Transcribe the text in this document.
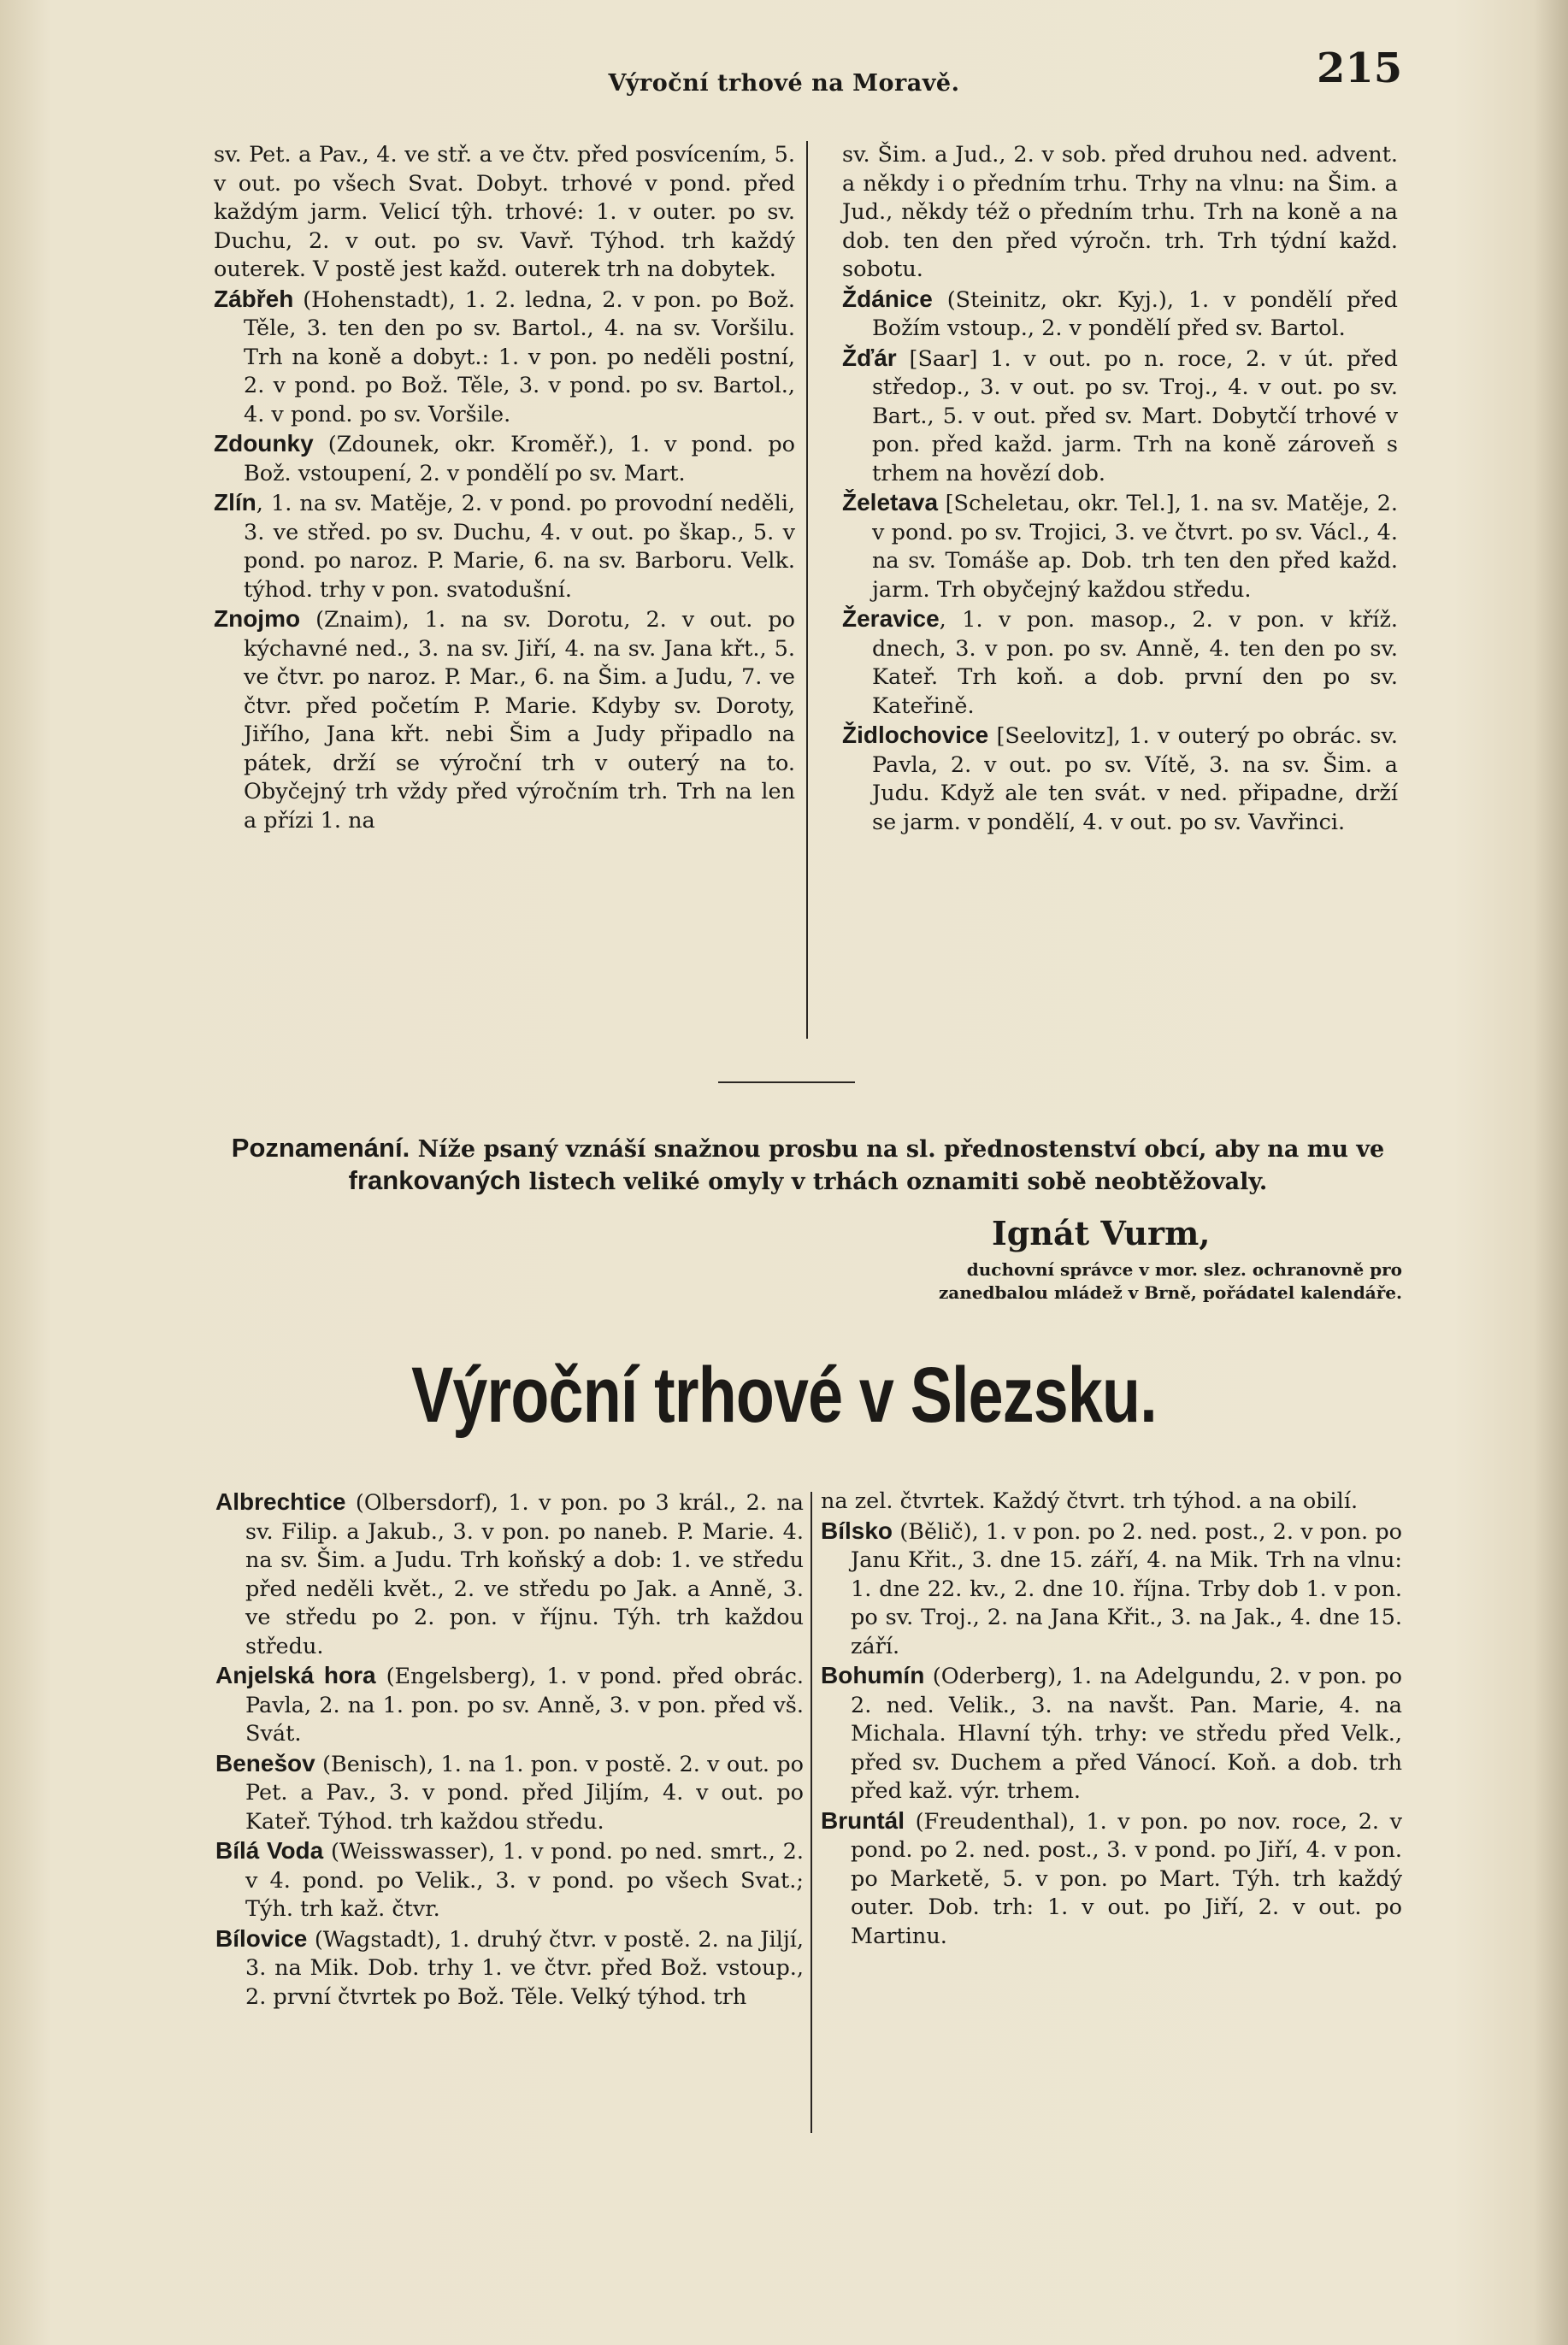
Výroční trhové na Moravě.	215

sv. Pet. a Pav., 4. ve stř. a ve čtv. před posvícením, 5. v out. po všech Svat. Dobyt. trhové v pond. před každým jarm. Velicí tŷh. trhové: 1. v outer. po sv. Duchu, 2. v out. po sv. Vavř. Týhod. trh každý outerek. V postě jest každ. outerek trh na dobytek.

Zábřeh (Hohenstadt), 1. 2. ledna, 2. v pon. po Bož. Těle, 3. ten den po sv. Bartol., 4. na sv. Voršilu. Trh na koně a dobyt.: 1. v pon. po neděli postní, 2. v pond. po Bož. Těle, 3. v pond. po sv. Bartol., 4. v pond. po sv. Voršile.

Zdounky (Zdounek, okr. Kroměř.), 1. v pond. po Bož. vstoupení, 2. v pondělí po sv. Mart.

Zlín, 1. na sv. Matěje, 2. v pond. po provodní neděli, 3. ve střed. po sv. Duchu, 4. v out. po škap., 5. v pond. po naroz. P. Marie, 6. na sv. Barboru. Velk. týhod. trhy v pon. svatodušní.

Znojmo (Znaim), 1. na sv. Dorotu, 2. v out. po kýchavné ned., 3. na sv. Jiří, 4. na sv. Jana křt., 5. ve čtvr. po naroz. P. Mar., 6. na Šim. a Judu, 7. ve čtvr. před početím P. Marie. Kdyby sv. Doroty, Jiřího, Jana křt. nebi Šim a Judy připadlo na pátek, drží se výroční trh v outerý na to. Obyčejný trh vždy před výročním trh. Trh na len a přízi 1. na

sv. Šim. a Jud., 2. v sob. před druhou ned. advent. a někdy i o předním trhu. Trhy na vlnu: na Šim. a Jud., někdy též o předním trhu. Trh na koně a na dob. ten den před výročn. trh. Trh týdní každ. sobotu.

Ždánice (Steinitz, okr. Kyj.), 1. v pondělí před Božím vstoup., 2. v pondělí před sv. Bartol.

Žďár [Saar] 1. v out. po n. roce, 2. v út. před středop., 3. v out. po sv. Troj., 4. v out. po sv. Bart., 5. v out. před sv. Mart. Dobytčí trhové v pon. před každ. jarm. Trh na koně zároveň s trhem na hovězí dob.

Želetava [Scheletau, okr. Tel.], 1. na sv. Matěje, 2. v pond. po sv. Trojici, 3. ve čtvrt. po sv. Václ., 4. na sv. Tomáše ap. Dob. trh ten den před každ. jarm. Trh obyčejný každou středu.

Žeravice, 1. v pon. masop., 2. v pon. v kříž. dnech, 3. v pon. po sv. Anně, 4. ten den po sv. Kateř. Trh koň. a dob. první den po sv. Kateřině.

Židlochovice [Seelovitz], 1. v outerý po obrác. sv. Pavla, 2. v out. po sv. Vítě, 3. na sv. Šim. a Judu. Když ale ten svát. v ned. připadne, drží se jarm. v pondělí, 4. v out. po sv. Vavřinci.

Poznamenání. Níže psaný vznáší snažnou prosbu na sl. přednostenství obcí, aby na mu ve frankovaných listech veliké omyly v trhách oznamiti sobě neobtěžovaly.
Ignát Vurm,
duchovní správce v mor. slez. ochranovně pro
zanedbalou mládež v Brně, pořádatel kalendáře.
Výroční trhové v Slezsku.

Albrechtice (Olbersdorf), 1. v pon. po 3 král., 2. na sv. Filip. a Jakub., 3. v pon. po naneb. P. Marie. 4. na sv. Šim. a Judu. Trh koňský a dob: 1. ve středu před neděli květ., 2. ve středu po Jak. a Anně, 3. ve středu po 2. pon. v říjnu. Týh. trh každou středu.

Anjelská hora (Engelsberg), 1. v pond. před obrác. Pavla, 2. na 1. pon. po sv. Anně, 3. v pon. před vš. Svát.

Benešov (Benisch), 1. na 1. pon. v postě. 2. v out. po Pet. a Pav., 3. v pond. před Jiljím, 4. v out. po Kateř. Týhod. trh každou středu.

Bílá Voda (Weisswasser), 1. v pond. po ned. smrt., 2. v 4. pond. po Velik., 3. v pond. po všech Svat.; Týh. trh kaž. čtvr.

Bílovice (Wagstadt), 1. druhý čtvr. v postě. 2. na Jiljí, 3. na Mik. Dob. trhy 1. ve čtvr. před Bož. vstoup., 2. první čtvrtek po Bož. Těle. Velký týhod. trh

na zel. čtvrtek. Každý čtvrt. trh týhod. a na obilí.

Bílsko (Bělič), 1. v pon. po 2. ned. post., 2. v pon. po Janu Křit., 3. dne 15. září, 4. na Mik. Trh na vlnu: 1. dne 22. kv., 2. dne 10. října. Trby dob 1. v pon. po sv. Troj., 2. na Jana Křit., 3. na Jak., 4. dne 15. září.

Bohumín (Oderberg), 1. na Adelgundu, 2. v pon. po 2. ned. Velik., 3. na navšt. Pan. Marie, 4. na Michala. Hlavní týh. trhy: ve středu před Velk., před sv. Duchem a před Vánocí. Koň. a dob. trh před kaž. výr. trhem.

Bruntál (Freudenthal), 1. v pon. po nov. roce, 2. v pond. po 2. ned. post., 3. v pond. po Jiří, 4. v pon. po Marketě, 5. v pon. po Mart. Týh. trh každý outer. Dob. trh: 1. v out. po Jiří, 2. v out. po Martinu.
